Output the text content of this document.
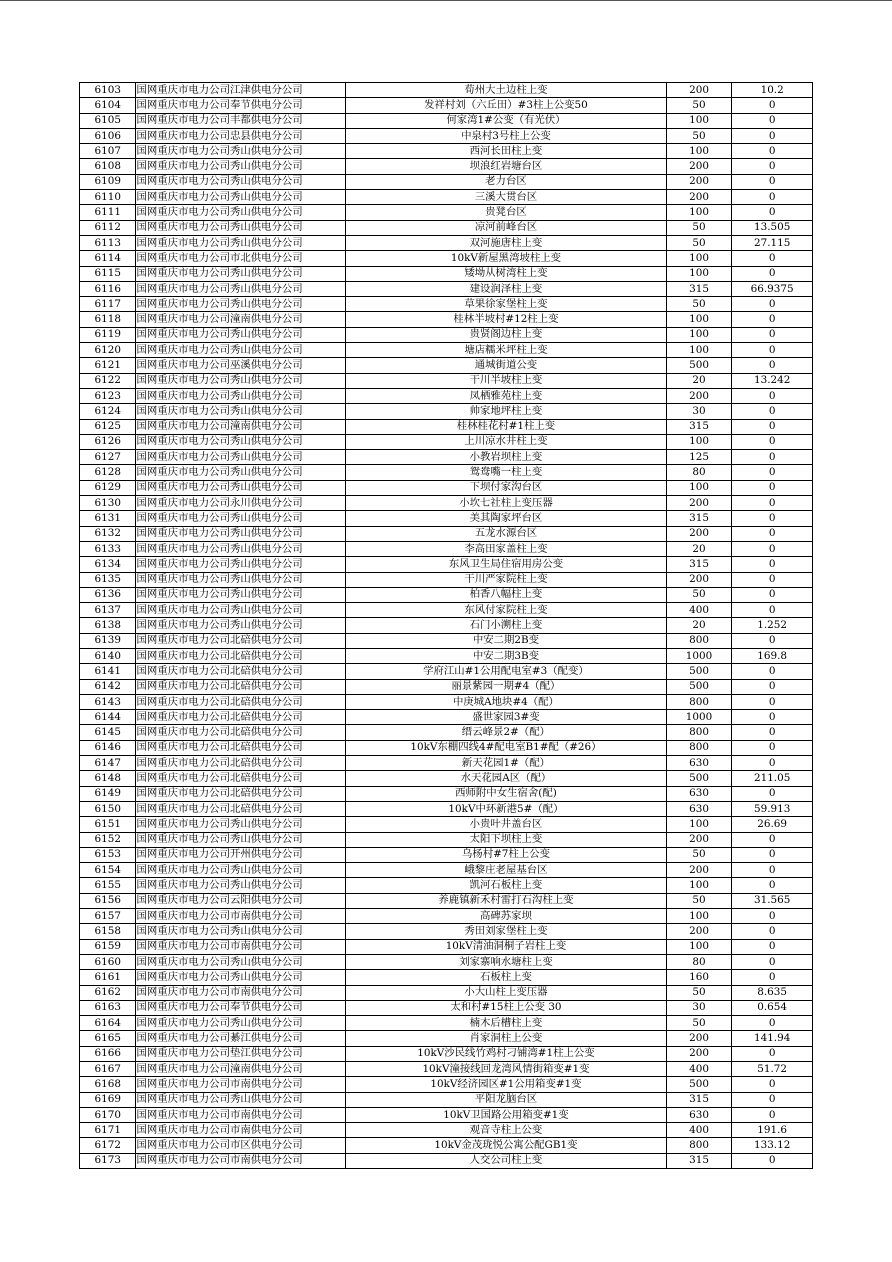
6103	国网重庆市电力公司江津供电分公司	荀州大土边柱上变	200	10.2
6104	国网重庆市电力公司奉节供电分公司	发祥村刘（六丘田）#3柱上公变50	50	0
6105	国网重庆市电力公司丰都供电分公司	何家湾1#公变（有光伏）	100	0
6106	国网重庆市电力公司忠县供电分公司	中泉村3号柱上公变	50	0
6107	国网重庆市电力公司秀山供电分公司	西河长田柱上变	100	0
6108	国网重庆市电力公司秀山供电分公司	坝浪红岩塘台区	200	0
6109	国网重庆市电力公司秀山供电分公司	老力台区	200	0
6110	国网重庆市电力公司秀山供电分公司	三溪大贯台区	200	0
6111	国网重庆市电力公司秀山供电分公司	贵凳台区	100	0
6112	国网重庆市电力公司秀山供电分公司	凉河前峰台区	50	13.505
6113	国网重庆市电力公司秀山供电分公司	双河施唐柱上变	50	27.115
6114	国网重庆市电力公司市北供电分公司	10kV新屋黑湾坡柱上变	100	0
6115	国网重庆市电力公司秀山供电分公司	矮坳从树湾柱上变	100	0
6116	国网重庆市电力公司秀山供电分公司	建设润泽柱上变	315	66.9375
6117	国网重庆市电力公司秀山供电分公司	草果徐家堡柱上变	50	0
6118	国网重庆市电力公司潼南供电分公司	桂林半坡村#12柱上变	100	0
6119	国网重庆市电力公司秀山供电分公司	贵贤阁边柱上变	100	0
6120	国网重庆市电力公司秀山供电分公司	塘店糯米坪柱上变	100	0
6121	国网重庆市电力公司巫溪供电分公司	通城街道公变	500	0
6122	国网重庆市电力公司秀山供电分公司	干川半坡柱上变	20	13.242
6123	国网重庆市电力公司秀山供电分公司	凤栖雅苑柱上变	200	0
6124	国网重庆市电力公司秀山供电分公司	帅家地坪柱上变	30	0
6125	国网重庆市电力公司潼南供电分公司	桂林桂花村#1柱上变	315	0
6126	国网重庆市电力公司秀山供电分公司	上川凉水井柱上变	100	0
6127	国网重庆市电力公司秀山供电分公司	小教岩坝柱上变	125	0
6128	国网重庆市电力公司秀山供电分公司	鸳鸯嘴一柱上变	80	0
6129	国网重庆市电力公司秀山供电分公司	下坝付家沟台区	100	0
6130	国网重庆市电力公司永川供电分公司	小坎七社柱上变压器	200	0
6131	国网重庆市电力公司秀山供电分公司	美其陶家坪台区	315	0
6132	国网重庆市电力公司秀山供电分公司	五龙水源台区	200	0
6133	国网重庆市电力公司秀山供电分公司	李高田家盖柱上变	20	0
6134	国网重庆市电力公司秀山供电分公司	东风卫生局住宿用房公变	315	0
6135	国网重庆市电力公司秀山供电分公司	干川严家院柱上变	200	0
6136	国网重庆市电力公司秀山供电分公司	柏香八幅柱上变	50	0
6137	国网重庆市电力公司秀山供电分公司	东风付家院柱上变	400	0
6138	国网重庆市电力公司秀山供电分公司	石门小溯柱上变	20	1.252
6139	国网重庆市电力公司北碚供电分公司	中安二期2B变	800	0
6140	国网重庆市电力公司北碚供电分公司	中安二期3B变	1000	169.8
6141	国网重庆市电力公司北碚供电分公司	学府江山#1公用配电室#3（配变）	500	0
6142	国网重庆市电力公司北碚供电分公司	丽景紫园一期#4（配）	500	0
6143	国网重庆市电力公司北碚供电分公司	中庚城A地块#4（配）	800	0
6144	国网重庆市电力公司北碚供电分公司	盛世家园3#变	1000	0
6145	国网重庆市电力公司北碚供电分公司	缙云峰景2#（配）	800	0
6146	国网重庆市电力公司北碚供电分公司	10kV东棚四线4#配电室B1#配（#26）	800	0
6147	国网重庆市电力公司北碚供电分公司	新天花园1#（配）	630	0
6148	国网重庆市电力公司北碚供电分公司	水天花园A区（配）	500	211.05
6149	国网重庆市电力公司北碚供电分公司	西师附中女生宿舍(配)	630	0
6150	国网重庆市电力公司北碚供电分公司	10kV中环新港5#（配）	630	59.913
6151	国网重庆市电力公司秀山供电分公司	小贵叶井盖台区	100	26.69
6152	国网重庆市电力公司秀山供电分公司	太阳下坝柱上变	200	0
6153	国网重庆市电力公司开州供电分公司	乌杨村#7柱上公变	50	0
6154	国网重庆市电力公司秀山供电分公司	峨黎庄老屋基台区	200	0
6155	国网重庆市电力公司秀山供电分公司	凯河石板柱上变	100	0
6156	国网重庆市电力公司云阳供电分公司	养鹿镇新禾村雷打石沟柱上变	50	31.565
6157	国网重庆市电力公司市南供电分公司	高碑苏家坝	100	0
6158	国网重庆市电力公司秀山供电分公司	秀田刘家堡柱上变	200	0
6159	国网重庆市电力公司市南供电分公司	10kV清油洞桐子岩柱上变	100	0
6160	国网重庆市电力公司秀山供电分公司	刘家寨响水塘柱上变	80	0
6161	国网重庆市电力公司秀山供电分公司	石板柱上变	160	0
6162	国网重庆市电力公司市南供电分公司	小大山柱上变压器	50	8.635
6163	国网重庆市电力公司奉节供电分公司	太和村#15柱上公变 30	30	0.654
6164	国网重庆市电力公司秀山供电分公司	楠木后槽柱上变	50	0
6165	国网重庆市电力公司綦江供电分公司	肖家洞柱上公变	200	141.94
6166	国网重庆市电力公司垫江供电分公司	10kV沙民线竹鸡村刁铺湾#1柱上公变	200	0
6167	国网重庆市电力公司潼南供电分公司	10kV潼接线回龙湾风情街箱变#1变	400	51.72
6168	国网重庆市电力公司市南供电分公司	10kV经济园区#1公用箱变#1变	500	0
6169	国网重庆市电力公司秀山供电分公司	平阳龙脑台区	315	0
6170	国网重庆市电力公司市南供电分公司	10kV卫国路公用箱变#1变	630	0
6171	国网重庆市电力公司市南供电分公司	观音寺柱上公变	400	191.6
6172	国网重庆市电力公司市区供电分公司	10kV金茂珑悦公寓公配GB1变	800	133.12
6173	国网重庆市电力公司市南供电分公司	人交公司柱上变	315	0
